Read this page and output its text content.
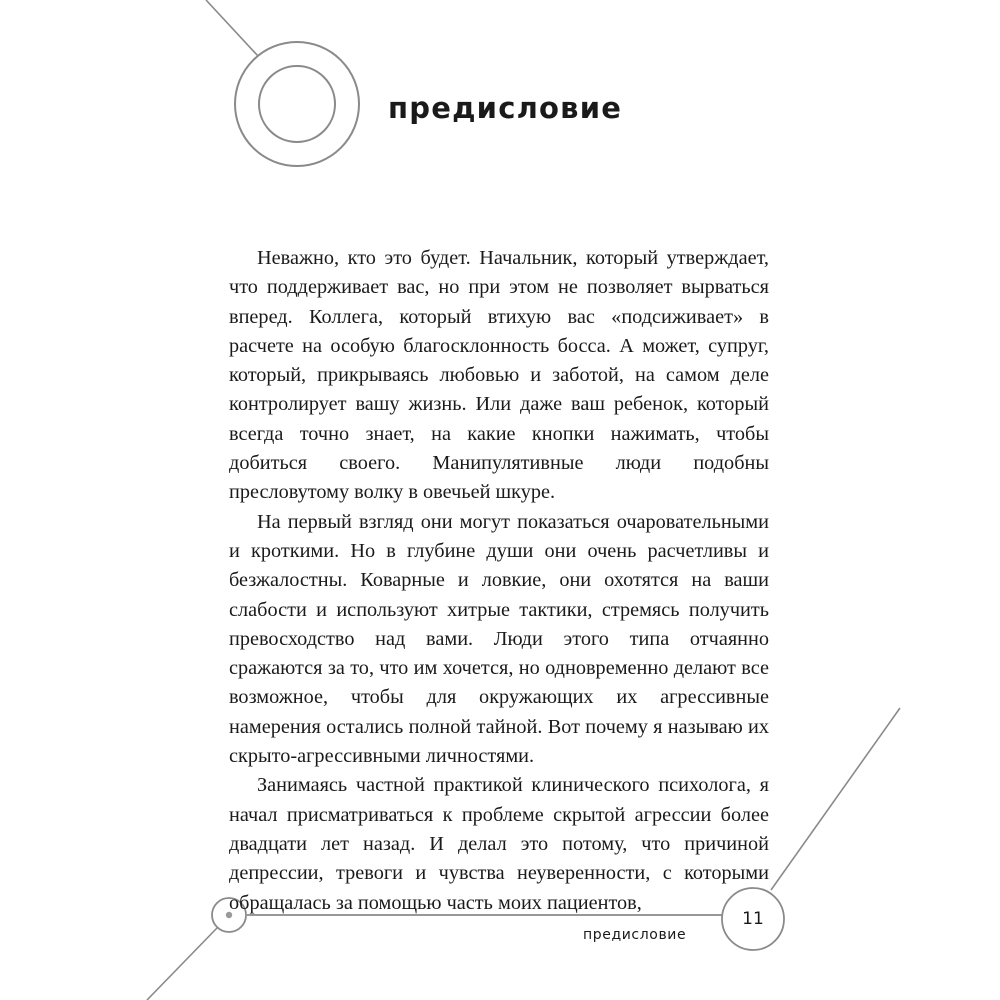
предисловие

Неважно, кто это будет. Начальник, который утверждает, что поддерживает вас, но при этом не позволяет вырваться вперед. Коллега, который втихую вас «подсиживает» в расчете на особую благосклонность босса. А может, супруг, который, прикрываясь любовью и заботой, на самом деле контролирует вашу жизнь. Или даже ваш ребенок, который всегда точно знает, на какие кнопки нажимать, чтобы добиться своего. Манипулятивные люди подобны пресловутому волку в овечьей шкуре.

На первый взгляд они могут показаться очаровательными и кроткими. Но в глубине души они очень расчетливы и безжалостны. Коварные и ловкие, они охотятся на ваши слабости и используют хитрые тактики, стремясь получить превосходство над вами. Люди этого типа отчаянно сражаются за то, что им хочется, но одновременно делают все возможное, чтобы для окружающих их агрессивные намерения остались полной тайной. Вот почему я называю их скрыто-агрессивными личностями.

Занимаясь частной практикой клинического психолога, я начал присматриваться к проблеме скрытой агрессии более двадцати лет назад. И делал это потому, что причиной депрессии, тревоги и чувства неуверенности, с которыми обращалась за помощью часть моих пациентов,

11
предисловие
